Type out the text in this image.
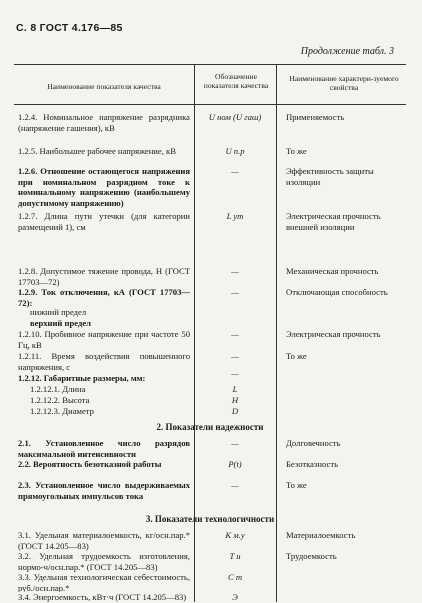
С. 8 ГОСТ 4.176—85
Продолжение табл. 3
Наименование показателя качества
Обозначение показателя качества
Наименование характери-зуемого свойства
1.2.4. Номинальное напряжение разрядника (напряжение гашения), кВ
U ном (U гаш)	Применяемость
1.2.5. Наибольшее рабочее напряжение, кВ	U п.р	То же
1.2.6. Отношение остающегося напряжения при номинальном разрядном токе к номинальному напряжению (наибольшему допустимому напряжению)
—	Эффективность защиты изоляции
1.2.7. Длина пути утечки (для категории размещений 1), см
L ут	Электрическая прочность внешней изоляции
1.2.8. Допустимое тяжение провода, Н (ГОСТ 17703—72)
—	Механическая прочность
1.2.9. Ток отключения, кА (ГОСТ 17703—72):
—	Отключающая способность
нижний предел
верхний предел
1.2.10. Пробивное напряжение при частоте 50 Гц, кВ
—	Электрическая прочность
1.2.11. Время воздействия повышенного напряжения, с
—	То же
1.2.12. Габаритные размеры, мм:	—
1.2.12.1. Длина	L
1.2.12.2. Высота	H
1.2.12.3. Диаметр	D
2. Показатели надежности
2.1. Установленное число разрядов максимальной интенсивности
—	Долговечность
2.2. Вероятность безотказной работы	P(t)	Безотказность
2.3. Установленное число выдерживаемых прямоугольных импульсов тока
—	То же
3. Показатели технологичности
3.1. Удельная материалоемкость, кг/осн.пар.* (ГОСТ 14.205—83)
K м.у	Материалоемкость
3.2. Удельная трудоемкость изготовления, нормо-ч/осн.пар.* (ГОСТ 14.205—83)
T и	Трудоемкость
3.3. Удельная технологическая себестоимость, руб./осн.пар.*
C т
3.4. Энергоемкость, кВт·ч (ГОСТ 14.205—83)	Э
